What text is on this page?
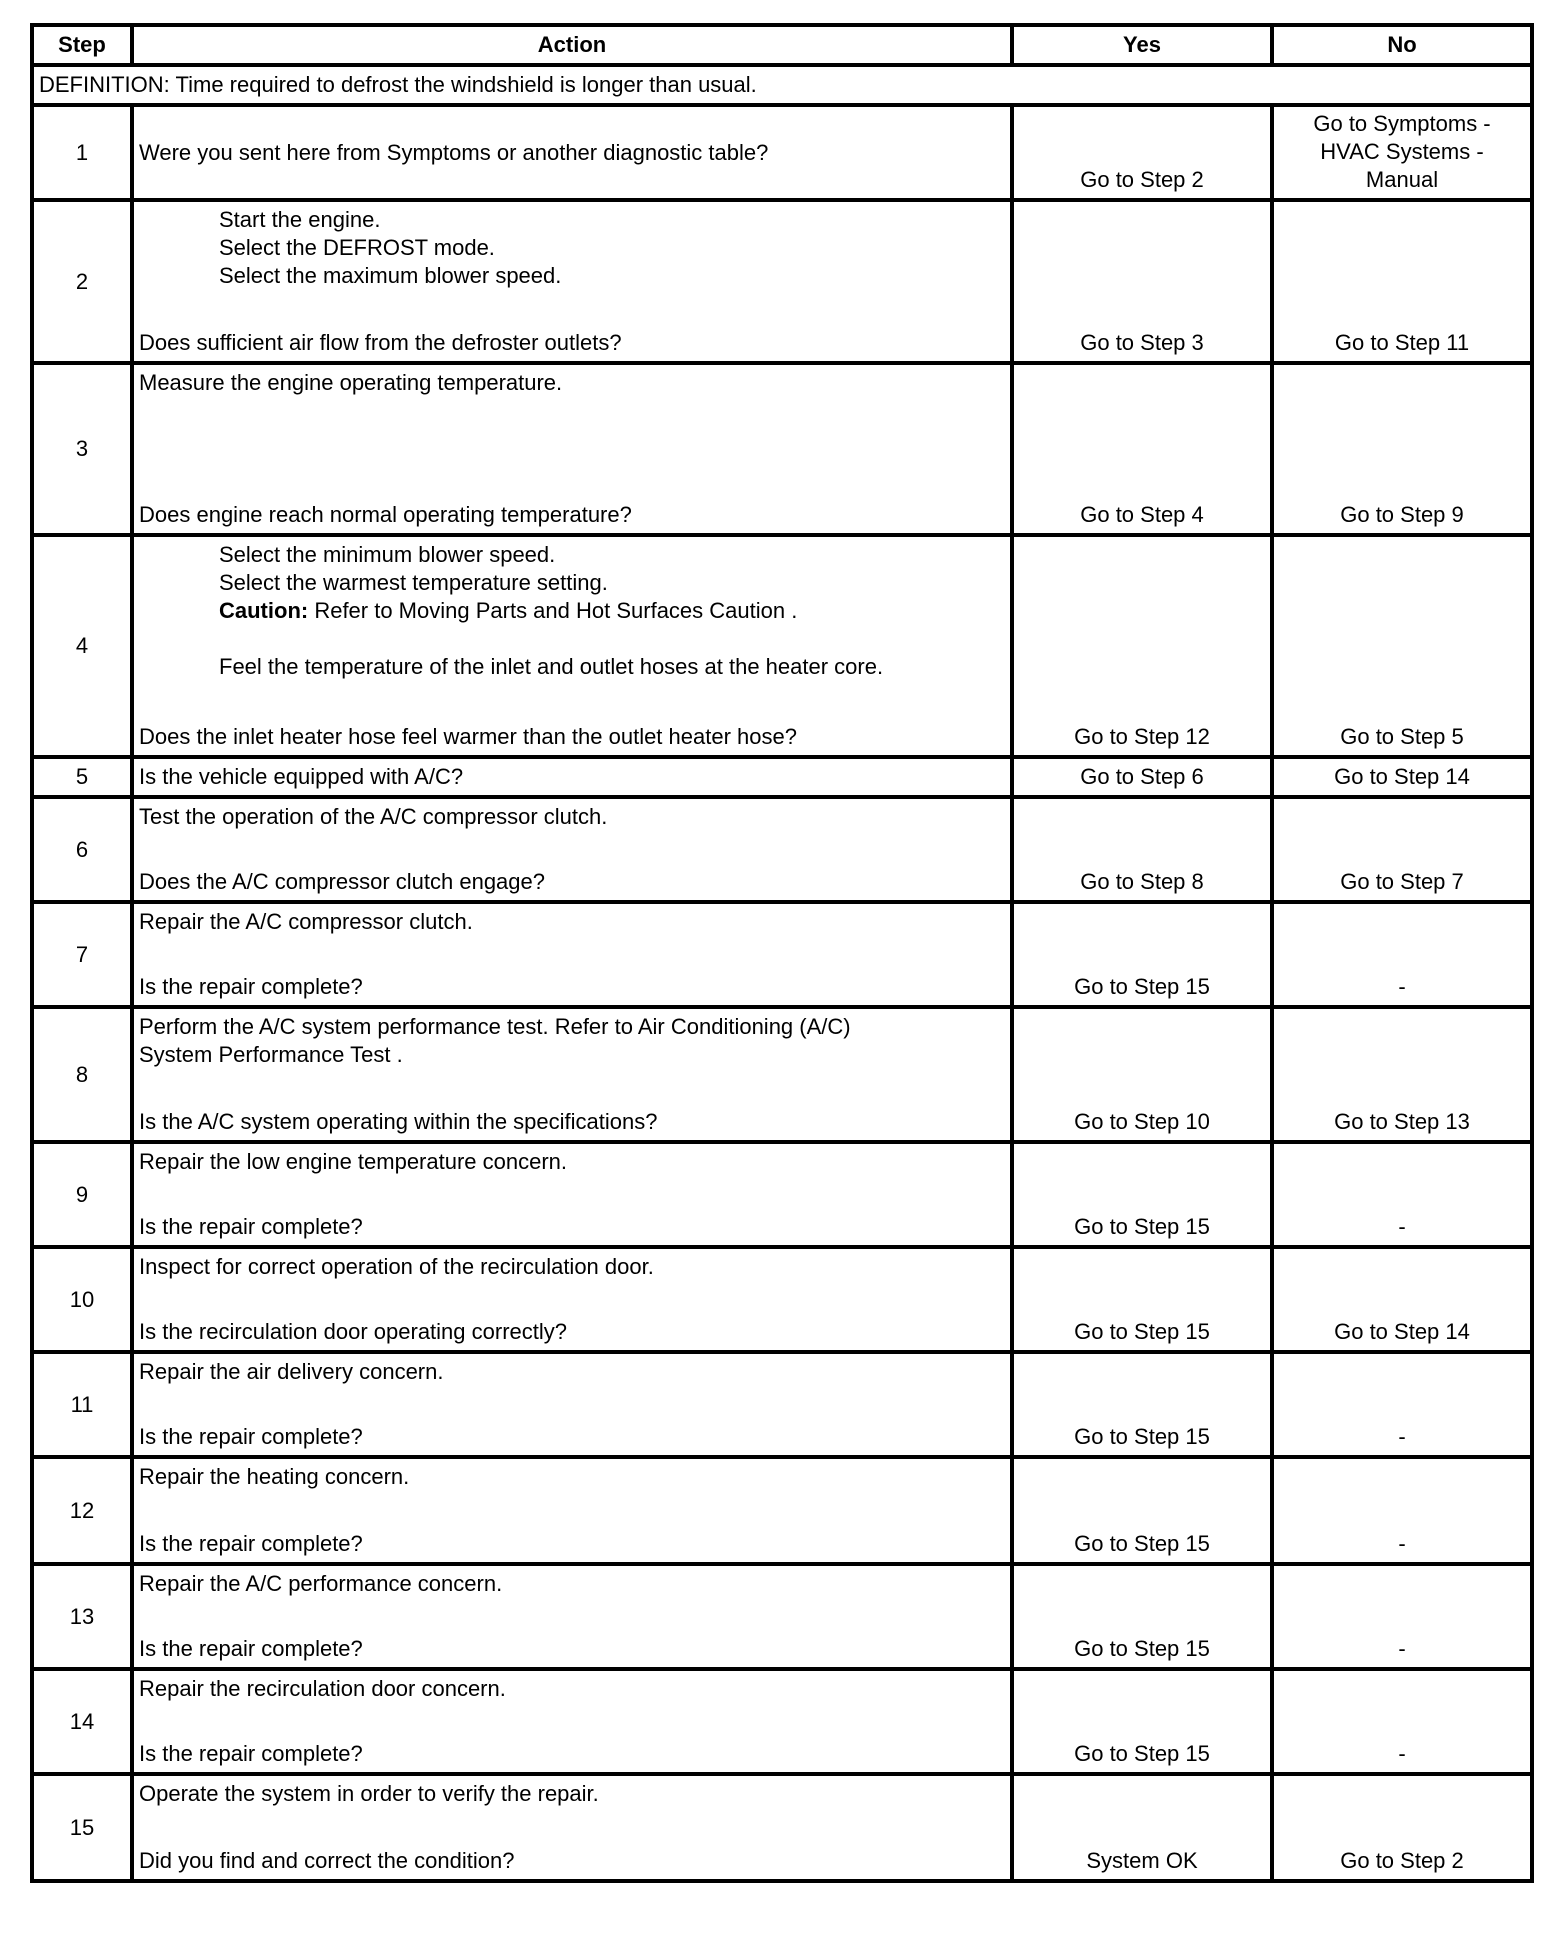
Step	Action	Yes	No
DEFINITION: Time required to defrost the windshield is longer than usual.			
1	Were you sent here from Symptoms or another diagnostic table?	Go to Step 2	Go to Symptoms -
HVAC Systems -
Manual

2	Start the engine.
Select the DEFROST mode.
Select the maximum blower speed.
Does sufficient air flow from the defroster outlets?	Go to Step 3	Go to Step 11

3	Measure the engine operating temperature.
Does engine reach normal operating temperature?	Go to Step 4	Go to Step 9

4	Select the minimum blower speed.
Select the warmest temperature setting.
Caution: Refer to Moving Parts and Hot Surfaces Caution .
Feel the temperature of the inlet and outlet hoses at the heater core.
Does the inlet heater hose feel warmer than the outlet heater hose?	Go to Step 12	Go to Step 5

5	Is the vehicle equipped with A/C?	Go to Step 6	Go to Step 14

6	Test the operation of the A/C compressor clutch.
Does the A/C compressor clutch engage?	Go to Step 8	Go to Step 7

7	Repair the A/C compressor clutch.
Is the repair complete?	Go to Step 15	-

8	Perform the A/C system performance test. Refer to Air Conditioning (A/C)
System Performance Test .
Is the A/C system operating within the specifications?	Go to Step 10	Go to Step 13

9	Repair the low engine temperature concern.
Is the repair complete?	Go to Step 15	-

10	Inspect for correct operation of the recirculation door.
Is the recirculation door operating correctly?	Go to Step 15	Go to Step 14

11	Repair the air delivery concern.
Is the repair complete?	Go to Step 15	-

12	Repair the heating concern.
Is the repair complete?	Go to Step 15	-

13	Repair the A/C performance concern.
Is the repair complete?	Go to Step 15	-

14	Repair the recirculation door concern.
Is the repair complete?	Go to Step 15	-

15	Operate the system in order to verify the repair.
Did you find and correct the condition?	System OK	Go to Step 2
